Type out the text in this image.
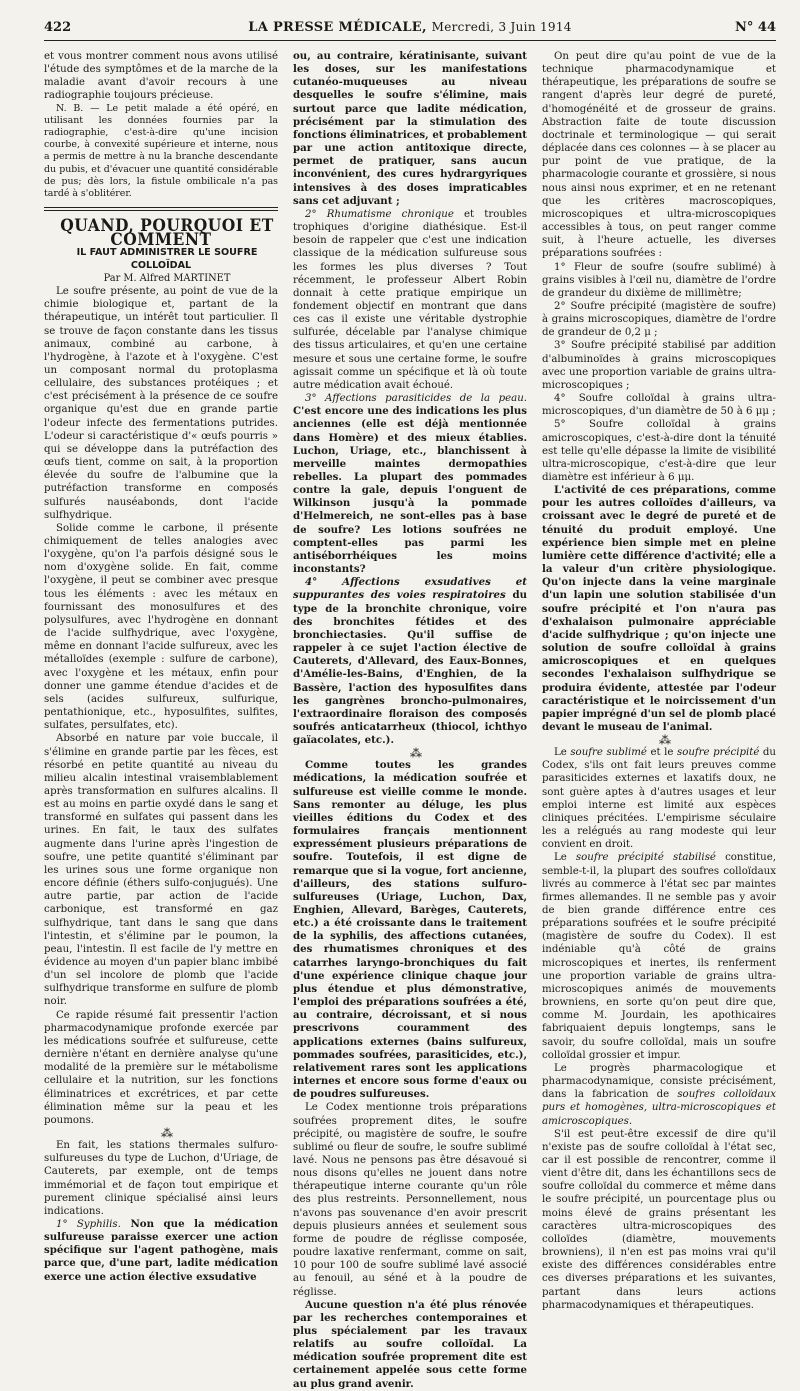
422	LA PRESSE MÉDICALE, Mercredi, 3 Juin 1914	N° 44

et vous montrer comment nous avons utilisé l'étude des symptômes et de la marche de la maladie avant d'avoir recours à une radiographie toujours précieuse.

N. B. — Le petit malade a été opéré, en utilisant les données fournies par la radiographie, c'est-à-dire qu'une incision courbe, à convexité supérieure et interne, nous a permis de mettre à nu la branche descendante du pubis, et d'évacuer une quantité considérable de pus; dès lors, la fistule ombilicale n'a pas tardé à s'oblitérer.

QUAND, POURQUOI ET COMMENT

IL FAUT ADMINISTRER LE SOUFRE COLLOÏDAL

Par M. Alfred MARTINET

Le soufre présente, au point de vue de la chimie biologique et, partant de la thérapeutique, un intérêt tout particulier. Il se trouve de façon constante dans les tissus animaux, combiné au carbone, à l'hydrogène, à l'azote et à l'oxygène. C'est un composant normal du protoplasma cellulaire, des substances protéiques ; et c'est précisément à la présence de ce soufre organique qu'est due en grande partie l'odeur infecte des fermentations putrides. L'odeur si caractéristique d'« œufs pourris » qui se développe dans la putréfaction des œufs tient, comme on sait, à la proportion élevée du soufre de l'albumine que la putréfaction transforme en composés sulfurés nauséabonds, dont l'acide sulfhydrique.

Solide comme le carbone, il présente chimiquement de telles analogies avec l'oxygène, qu'on l'a parfois désigné sous le nom d'oxygène solide. En fait, comme l'oxygène, il peut se combiner avec presque tous les éléments : avec les métaux en fournissant des monosulfures et des polysulfures, avec l'hydrogène en donnant de l'acide sulfhydrique, avec l'oxygène, même en donnant l'acide sulfureux, avec les métalloïdes (exemple : sulfure de carbone), avec l'oxygène et les métaux, enfin pour donner une gamme étendue d'acides et de sels (acides sulfureux, sulfurique, pentathionique, etc., hyposulfites, sulfites, sulfates, persulfates, etc).

Absorbé en nature par voie buccale, il s'élimine en grande partie par les fèces, est résorbé en petite quantité au niveau du milieu alcalin intestinal vraisemblablement après transformation en sulfures alcalins. Il est au moins en partie oxydé dans le sang et transformé en sulfates qui passent dans les urines. En fait, le taux des sulfates augmente dans l'urine après l'ingestion de soufre, une petite quantité s'éliminant par les urines sous une forme organique non encore définie (éthers sulfo-conjugués). Une autre partie, par action de l'acide carbonique, est transformé en gaz sulfhydrique, tant dans le sang que dans l'intestin, et s'élimine par le poumon, la peau, l'intestin. Il est facile de l'y mettre en évidence au moyen d'un papier blanc imbibé d'un sel incolore de plomb que l'acide sulfhydrique transforme en sulfure de plomb noir.

Ce rapide résumé fait pressentir l'action pharmacodynamique profonde exercée par les médications soufrée et sulfureuse, cette dernière n'étant en dernière analyse qu'une modalité de la première sur le métabolisme cellulaire et la nutrition, sur les fonctions éliminatrices et excrétrices, et par cette élimination même sur la peau et les poumons.

⁂

En fait, les stations thermales sulfuro-sulfureuses du type de Luchon, d'Uriage, de Cauterets, par exemple, ont de temps immémorial et de façon tout empirique et purement clinique spécialisé ainsi leurs indications.

1° Syphilis. Non que la médication sulfureuse paraisse exercer une action spécifique sur l'agent pathogène, mais parce que, d'une part, ladite médication exerce une action élective exsudative

ou, au contraire, kératinisante, suivant les doses, sur les manifestations cutanéo-muqueuses au niveau desquelles le soufre s'élimine, mais surtout parce que ladite médication, précisément par la stimulation des fonctions éliminatrices, et probablement par une action antitoxique directe, permet de pratiquer, sans aucun inconvénient, des cures hydrargyriques intensives à des doses impraticables sans cet adjuvant ;

2° Rhumatisme chronique et troubles trophiques d'origine diathésique. Est-il besoin de rappeler que c'est une indication classique de la médication sulfureuse sous les formes les plus diverses ? Tout récemment, le professeur Albert Robin donnait à cette pratique empirique un fondement objectif en montrant que dans ces cas il existe une véritable dystrophie sulfurée, décelable par l'analyse chimique des tissus articulaires, et qu'en une certaine mesure et sous une certaine forme, le soufre agissait comme un spécifique et là où toute autre médication avait échoué.

3° Affections parasiticides de la peau. C'est encore une des indications les plus anciennes (elle est déjà mentionnée dans Homère) et des mieux établies. Luchon, Uriage, etc., blanchissent à merveille maintes dermopathies rebelles. La plupart des pommades contre la gale, depuis l'onguent de Wilkinson jusqu'à la pommade d'Helmereich, ne sont-elles pas à base de soufre? Les lotions soufrées ne comptent-elles pas parmi les antiséborrhéiques les moins inconstants?

4° Affections exsudatives et suppurantes des voies respiratoires du type de la bronchite chronique, voire des bronchites fétides et des bronchiectasies. Qu'il suffise de rappeler à ce sujet l'action élective de Cauterets, d'Allevard, des Eaux-Bonnes, d'Amélie-les-Bains, d'Enghien, de la Bassère, l'action des hyposulfites dans les gangrènes broncho-pulmonaires, l'extraordinaire floraison des composés soufrés anticatarrheux (thiocol, ichthyo gaïacolates, etc.).

⁂

Comme toutes les grandes médications, la médication soufrée et sulfureuse est vieille comme le monde. Sans remonter au déluge, les plus vieilles éditions du Codex et des formulaires français mentionnent expressément plusieurs préparations de soufre. Toutefois, il est digne de remarque que si la vogue, fort ancienne, d'ailleurs, des stations sulfuro-sulfureuses (Uriage, Luchon, Dax, Enghien, Allevard, Barèges, Cauterets, etc.) a été croissante dans le traitement de la syphilis, des affections cutanées, des rhumatismes chroniques et des catarrhes laryngo-bronchiques du fait d'une expérience clinique chaque jour plus étendue et plus démonstrative, l'emploi des préparations soufrées a été, au contraire, décroissant, et si nous prescrivons couramment des applications externes (bains sulfureux, pommades soufrées, parasiticides, etc.), relativement rares sont les applications internes et encore sous forme d'eaux ou de poudres sulfureuses.

Le Codex mentionne trois préparations soufrées proprement dites, le soufre précipité, ou magistère de soufre, le soufre sublimé ou fleur de soufre, le soufre sublimé lavé. Nous ne pensons pas être désavoué si nous disons qu'elles ne jouent dans notre thérapeutique interne courante qu'un rôle des plus restreints. Personnellement, nous n'avons pas souvenance d'en avoir prescrit depuis plusieurs années et seulement sous forme de poudre de réglisse composée, poudre laxative renfermant, comme on sait, 10 pour 100 de soufre sublimé lavé associé au fenouil, au séné et à la poudre de réglisse.

Aucune question n'a été plus rénovée par les recherches contemporaines et plus spécialement par les travaux relatifs au soufre colloïdal. La médication soufrée proprement dite est certainement appelée sous cette forme au plus grand avenir.

On peut dire qu'au point de vue de la technique pharmacodynamique et thérapeutique, les préparations de soufre se rangent d'après leur degré de pureté, d'homogénéité et de grosseur de grains. Abstraction faite de toute discussion doctrinale et terminologique — qui serait déplacée dans ces colonnes — à se placer au pur point de vue pratique, de la pharmacologie courante et grossière, si nous nous ainsi nous exprimer, et en ne retenant que les critères macroscopiques, microscopiques et ultra-microscopiques accessibles à tous, on peut ranger comme suit, à l'heure actuelle, les diverses préparations soufrées :

1° Fleur de soufre (soufre sublimé) à grains visibles à l'œil nu, diamètre de l'ordre de grandeur du dixième de millimètre;

2° Soufre précipité (magistère de soufre) à grains microscopiques, diamètre de l'ordre de grandeur de 0,2 μ ;

3° Soufre précipité stabilisé par addition d'albuminoïdes à grains microscopiques avec une proportion variable de grains ultra-microscopiques ;

4° Soufre colloïdal à grains ultra-microscopiques, d'un diamètre de 50 à 6 μμ ;

5° Soufre colloïdal à grains amicroscopiques, c'est-à-dire dont la ténuité est telle qu'elle dépasse la limite de visibilité ultra-microscopique, c'est-à-dire que leur diamètre est inférieur à 6 μμ.

L'activité de ces préparations, comme pour les autres colloïdes d'ailleurs, va croissant avec le degré de pureté et de ténuité du produit employé. Une expérience bien simple met en pleine lumière cette différence d'activité; elle a la valeur d'un critère physiologique. Qu'on injecte dans la veine marginale d'un lapin une solution stabilisée d'un soufre précipité et l'on n'aura pas d'exhalaison pulmonaire appréciable d'acide sulfhydrique ; qu'on injecte une solution de soufre colloïdal à grains amicroscopiques et en quelques secondes l'exhalaison sulfhydrique se produira évidente, attestée par l'odeur caractéristique et le noircissement d'un papier imprégné d'un sel de plomb placé devant le museau de l'animal.

⁂

Le soufre sublimé et le soufre précipité du Codex, s'ils ont fait leurs preuves comme parasiticides externes et laxatifs doux, ne sont guère aptes à d'autres usages et leur emploi interne est limité aux espèces cliniques précitées. L'empirisme séculaire les a relégués au rang modeste qui leur convient en droit.

Le soufre précipité stabilisé constitue, semble-t-il, la plupart des soufres colloïdaux livrés au commerce à l'état sec par maintes firmes allemandes. Il ne semble pas y avoir de bien grande différence entre ces préparations soufrées et le soufre précipité (magistère de soufre du Codex). Il est indéniable qu'à côté de grains microscopiques et inertes, ils renferment une proportion variable de grains ultra-microscopiques animés de mouvements browniens, en sorte qu'on peut dire que, comme M. Jourdain, les apothicaires fabriquaient depuis longtemps, sans le savoir, du soufre colloïdal, mais un soufre colloïdal grossier et impur.

Le progrès pharmacologique et pharmacodynamique, consiste précisément, dans la fabrication de soufres colloïdaux purs et homogènes, ultra-microscopiques et amicroscopiques.

S'il est peut-être excessif de dire qu'il n'existe pas de soufre colloïdal à l'état sec, car il est possible de rencontrer, comme il vient d'être dit, dans les échantillons secs de soufre colloïdal du commerce et même dans le soufre précipité, un pourcentage plus ou moins élevé de grains présentant les caractères ultra-microscopiques des colloïdes (diamètre, mouvements browniens), il n'en est pas moins vrai qu'il existe des différences considérables entre ces diverses préparations et les suivantes, partant dans leurs actions pharmacodynamiques et thérapeutiques.
